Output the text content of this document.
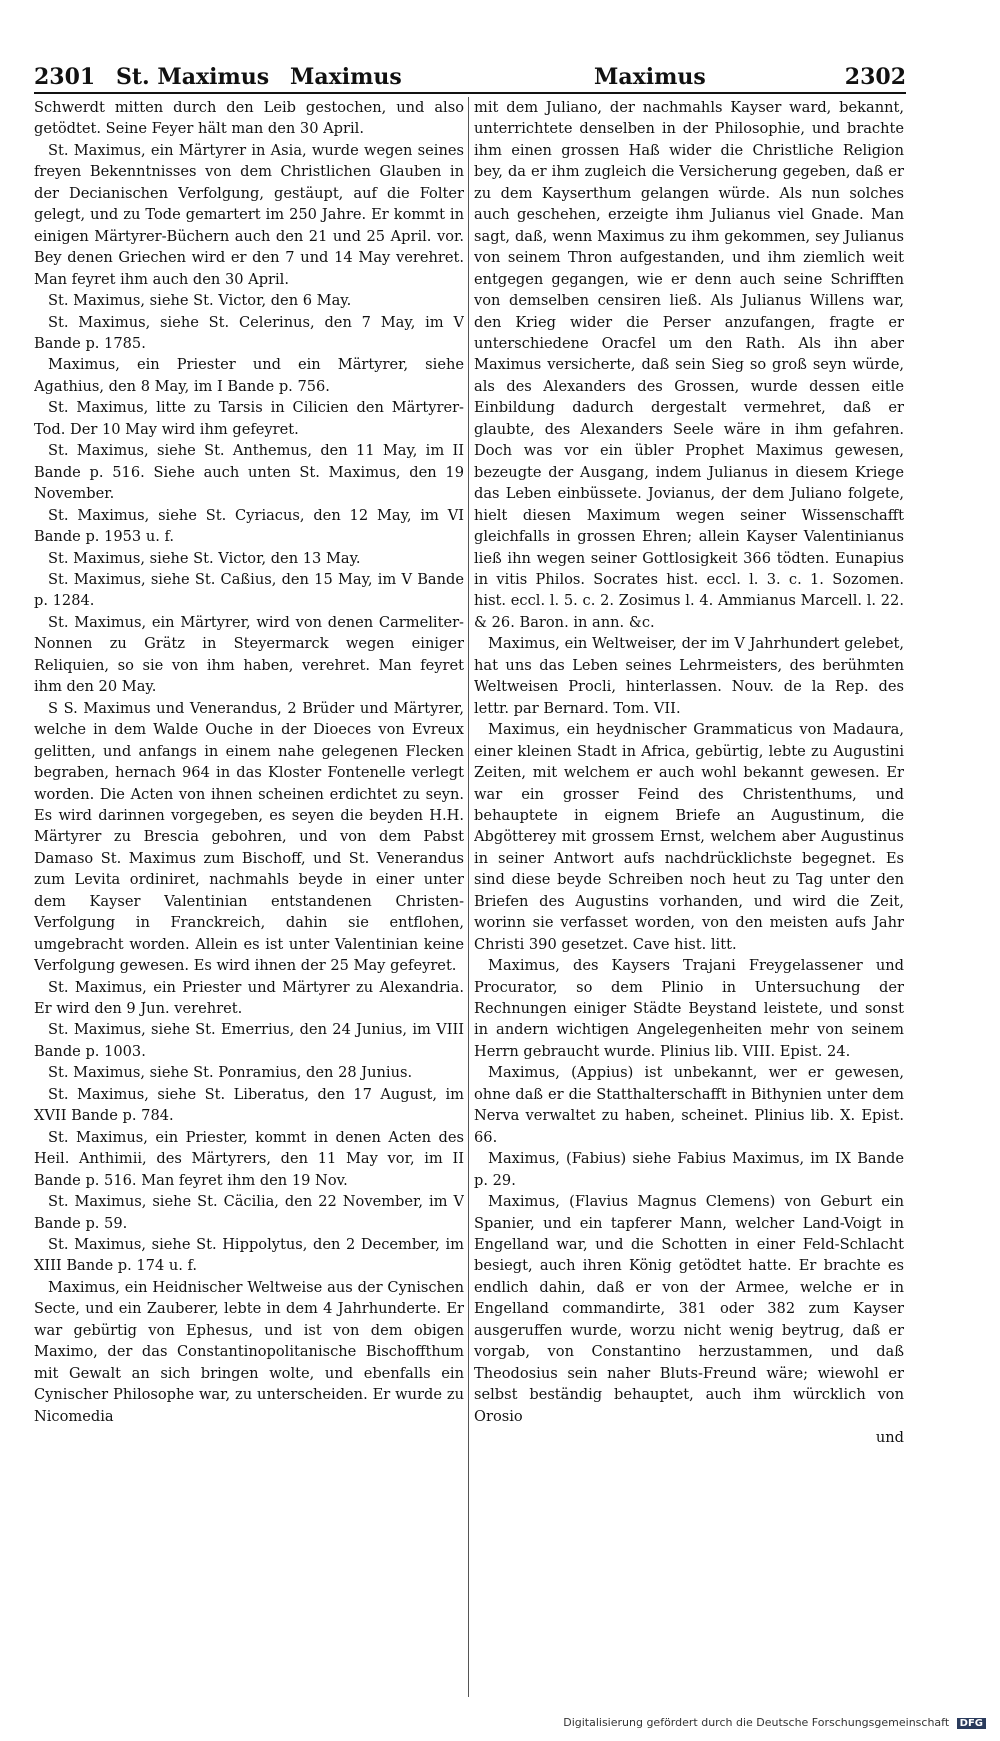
2301 St. Maximus Maximus	Maximus	2302

Schwerdt mitten durch den Leib gestochen, und also getödtet. Seine Feyer hält man den 30 April.

St. Maximus, ein Märtyrer in Asia, wurde wegen seines freyen Bekenntnisses von dem Christlichen Glauben in der Decianischen Verfolgung, gestäupt, auf die Folter gelegt, und zu Tode gemartert im 250 Jahre. Er kommt in einigen Märtyrer-Büchern auch den 21 und 25 April. vor. Bey denen Griechen wird er den 7 und 14 May verehret. Man feyret ihm auch den 30 April.

St. Maximus, siehe St. Victor, den 6 May.

St. Maximus, siehe St. Celerinus, den 7 May, im V Bande p. 1785.

Maximus, ein Priester und ein Märtyrer, siehe Agathius, den 8 May, im I Bande p. 756.

St. Maximus, litte zu Tarsis in Cilicien den Märtyrer-Tod. Der 10 May wird ihm gefeyret.

St. Maximus, siehe St. Anthemus, den 11 May, im II Bande p. 516. Siehe auch unten St. Maximus, den 19 November.

St. Maximus, siehe St. Cyriacus, den 12 May, im VI Bande p. 1953 u. f.

St. Maximus, siehe St. Victor, den 13 May.

St. Maximus, siehe St. Caßius, den 15 May, im V Bande p. 1284.

St. Maximus, ein Märtyrer, wird von denen Carmeliter-Nonnen zu Grätz in Steyermarck wegen einiger Reliquien, so sie von ihm haben, verehret. Man feyret ihm den 20 May.

S S. Maximus und Venerandus, 2 Brüder und Märtyrer, welche in dem Walde Ouche in der Dioeces von Evreux gelitten, und anfangs in einem nahe gelegenen Flecken begraben, hernach 964 in das Kloster Fontenelle verlegt worden. Die Acten von ihnen scheinen erdichtet zu seyn. Es wird darinnen vorgegeben, es seyen die beyden H.H. Märtyrer zu Brescia gebohren, und von dem Pabst Damaso St. Maximus zum Bischoff, und St. Venerandus zum Levita ordiniret, nachmahls beyde in einer unter dem Kayser Valentinian entstandenen Christen-Verfolgung in Franckreich, dahin sie entflohen, umgebracht worden. Allein es ist unter Valentinian keine Verfolgung gewesen. Es wird ihnen der 25 May gefeyret.

St. Maximus, ein Priester und Märtyrer zu Alexandria. Er wird den 9 Jun. verehret.

St. Maximus, siehe St. Emerrius, den 24 Junius, im VIII Bande p. 1003.

St. Maximus, siehe St. Ponramius, den 28 Junius.

St. Maximus, siehe St. Liberatus, den 17 August, im XVII Bande p. 784.

St. Maximus, ein Priester, kommt in denen Acten des Heil. Anthimii, des Märtyrers, den 11 May vor, im II Bande p. 516. Man feyret ihm den 19 Nov.

St. Maximus, siehe St. Cäcilia, den 22 November, im V Bande p. 59.

St. Maximus, siehe St. Hippolytus, den 2 December, im XIII Bande p. 174 u. f.

Maximus, ein Heidnischer Weltweise aus der Cynischen Secte, und ein Zauberer, lebte in dem 4 Jahrhunderte. Er war gebürtig von Ephesus, und ist von dem obigen Maximo, der das Constantinopolitanische Bischoffthum mit Gewalt an sich bringen wolte, und ebenfalls ein Cynischer Philosophe war, zu unterscheiden. Er wurde zu Nicomedia

mit dem Juliano, der nachmahls Kayser ward, bekannt, unterrichtete denselben in der Philosophie, und brachte ihm einen grossen Haß wider die Christliche Religion bey, da er ihm zugleich die Versicherung gegeben, daß er zu dem Kayserthum gelangen würde. Als nun solches auch geschehen, erzeigte ihm Julianus viel Gnade. Man sagt, daß, wenn Maximus zu ihm gekommen, sey Julianus von seinem Thron aufgestanden, und ihm ziemlich weit entgegen gegangen, wie er denn auch seine Schrifften von demselben censiren ließ. Als Julianus Willens war, den Krieg wider die Perser anzufangen, fragte er unterschiedene Oracfel um den Rath. Als ihn aber Maximus versicherte, daß sein Sieg so groß seyn würde, als des Alexanders des Grossen, wurde dessen eitle Einbildung dadurch dergestalt vermehret, daß er glaubte, des Alexanders Seele wäre in ihm gefahren. Doch was vor ein übler Prophet Maximus gewesen, bezeugte der Ausgang, indem Julianus in diesem Kriege das Leben einbüssete. Jovianus, der dem Juliano folgete, hielt diesen Maximum wegen seiner Wissenschafft gleichfalls in grossen Ehren; allein Kayser Valentinianus ließ ihn wegen seiner Gottlosigkeit 366 tödten. Eunapius in vitis Philos. Socrates hist. eccl. l. 3. c. 1. Sozomen. hist. eccl. l. 5. c. 2. Zosimus l. 4. Ammianus Marcell. l. 22. & 26. Baron. in ann. &c.

Maximus, ein Weltweiser, der im V Jahrhundert gelebet, hat uns das Leben seines Lehrmeisters, des berühmten Weltweisen Procli, hinterlassen. Nouv. de la Rep. des lettr. par Bernard. Tom. VII.

Maximus, ein heydnischer Grammaticus von Madaura, einer kleinen Stadt in Africa, gebürtig, lebte zu Augustini Zeiten, mit welchem er auch wohl bekannt gewesen. Er war ein grosser Feind des Christenthums, und behauptete in eignem Briefe an Augustinum, die Abgötterey mit grossem Ernst, welchem aber Augustinus in seiner Antwort aufs nachdrücklichste begegnet. Es sind diese beyde Schreiben noch heut zu Tag unter den Briefen des Augustins vorhanden, und wird die Zeit, worinn sie verfasset worden, von den meisten aufs Jahr Christi 390 gesetzet. Cave hist. litt.

Maximus, des Kaysers Trajani Freygelassener und Procurator, so dem Plinio in Untersuchung der Rechnungen einiger Städte Beystand leistete, und sonst in andern wichtigen Angelegenheiten mehr von seinem Herrn gebraucht wurde. Plinius lib. VIII. Epist. 24.

Maximus, (Appius) ist unbekannt, wer er gewesen, ohne daß er die Statthalterschafft in Bithynien unter dem Nerva verwaltet zu haben, scheinet. Plinius lib. X. Epist. 66.

Maximus, (Fabius) siehe Fabius Maximus, im IX Bande p. 29.

Maximus, (Flavius Magnus Clemens) von Geburt ein Spanier, und ein tapferer Mann, welcher Land-Voigt in Engelland war, und die Schotten in einer Feld-Schlacht besiegt, auch ihren König getödtet hatte. Er brachte es endlich dahin, daß er von der Armee, welche er in Engelland commandirte, 381 oder 382 zum Kayser ausgeruffen wurde, worzu nicht wenig beytrug, daß er vorgab, von Constantino herzustammen, und daß Theodosius sein naher Bluts-Freund wäre; wiewohl er selbst beständig behauptet, auch ihm würcklich von Orosio

und

Digitalisierung gefördert durch die Deutsche Forschungsgemeinschaft DFG
